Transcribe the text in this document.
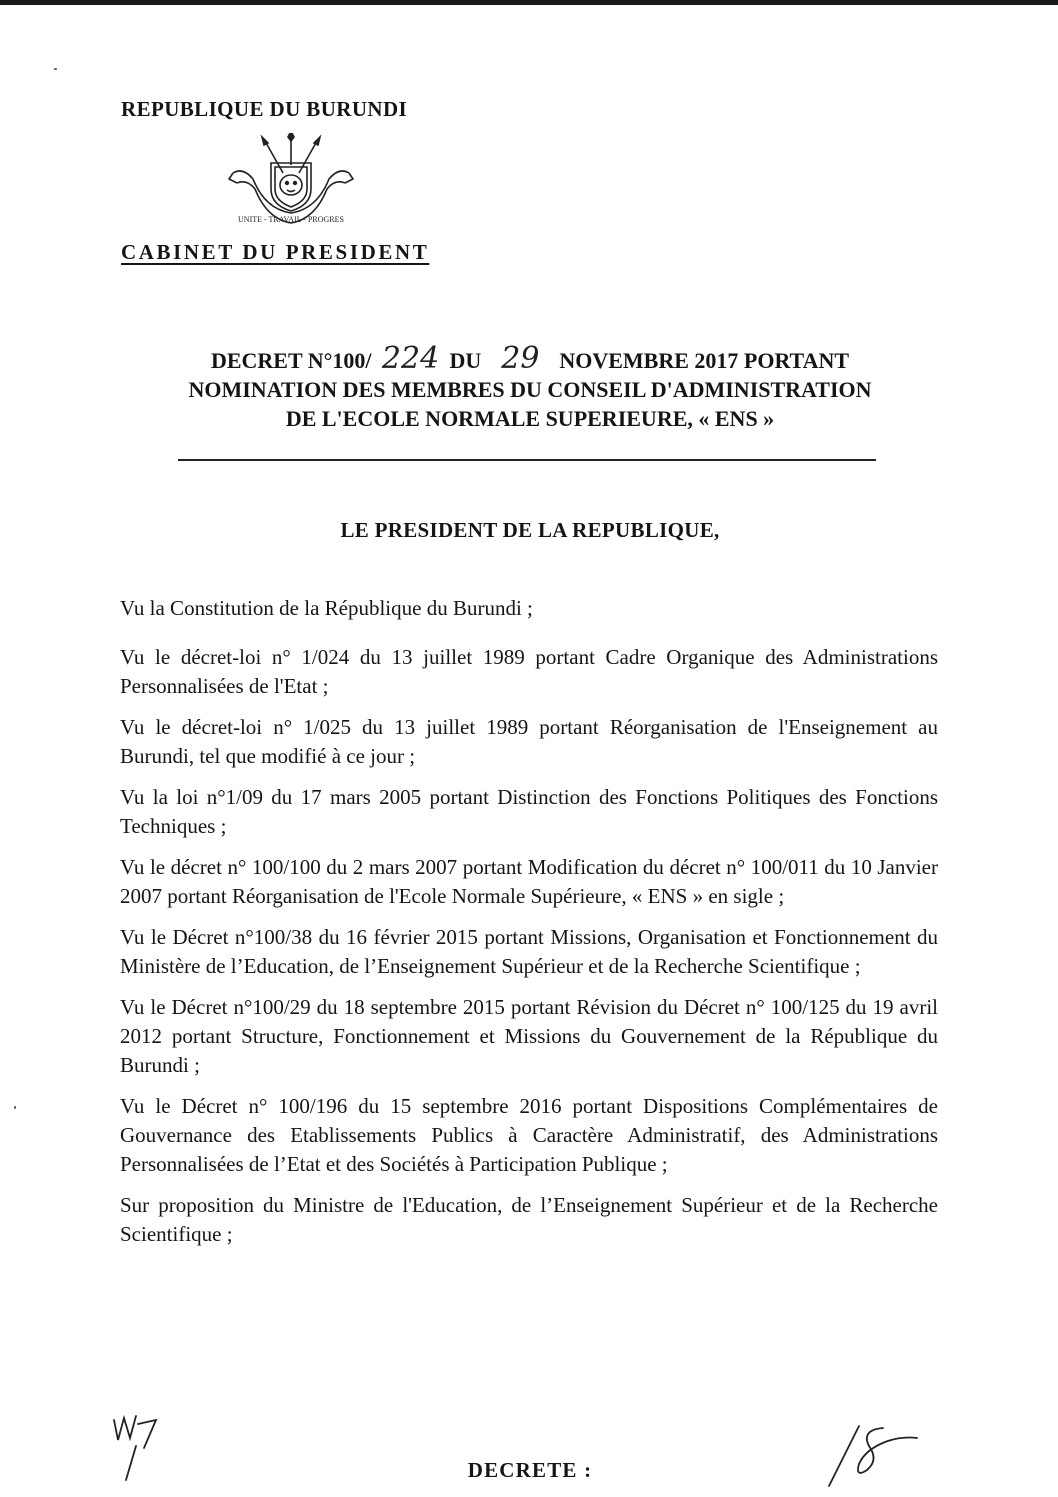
REPUBLIQUE DU BURUNDI
UNITE - TRAVAIL - PROGRES
CABINET DU PRESIDENT
DECRET N°100/ 224 DU 29 NOVEMBRE 2017 PORTANT
NOMINATION DES MEMBRES DU CONSEIL D'ADMINISTRATION
DE L'ECOLE NORMALE SUPERIEURE, « ENS »
LE PRESIDENT DE LA REPUBLIQUE,

Vu la Constitution de la République du Burundi ;

Vu le décret-loi n° 1/024 du 13 juillet 1989 portant Cadre Organique des Administrations Personnalisées de l'Etat ;

Vu le décret-loi n° 1/025 du 13 juillet 1989 portant Réorganisation de l'Enseignement au Burundi, tel que modifié à ce jour ;

Vu la loi n°1/09 du 17 mars 2005 portant Distinction des Fonctions Politiques des Fonctions Techniques ;

Vu le décret n° 100/100 du 2 mars 2007 portant Modification du décret n° 100/011 du 10 Janvier 2007 portant Réorganisation de l'Ecole Normale Supérieure, « ENS » en sigle ;

Vu le Décret n°100/38 du 16 février 2015 portant Missions, Organisation et Fonctionnement du Ministère de l’Education, de l’Enseignement Supérieur et de la Recherche Scientifique ;

Vu le Décret n°100/29 du 18 septembre 2015 portant Révision du Décret n° 100/125 du 19 avril 2012 portant Structure, Fonctionnement et Missions du Gouvernement de la République du Burundi ;

Vu le Décret n° 100/196 du 15 septembre 2016 portant Dispositions Complémentaires de Gouvernance des Etablissements Publics à Caractère Administratif, des Administrations Personnalisées de l’Etat et des Sociétés à Participation Publique ;

Sur proposition du Ministre de l'Education, de l’Enseignement Supérieur et de la Recherche Scientifique ;

DECRETE :
